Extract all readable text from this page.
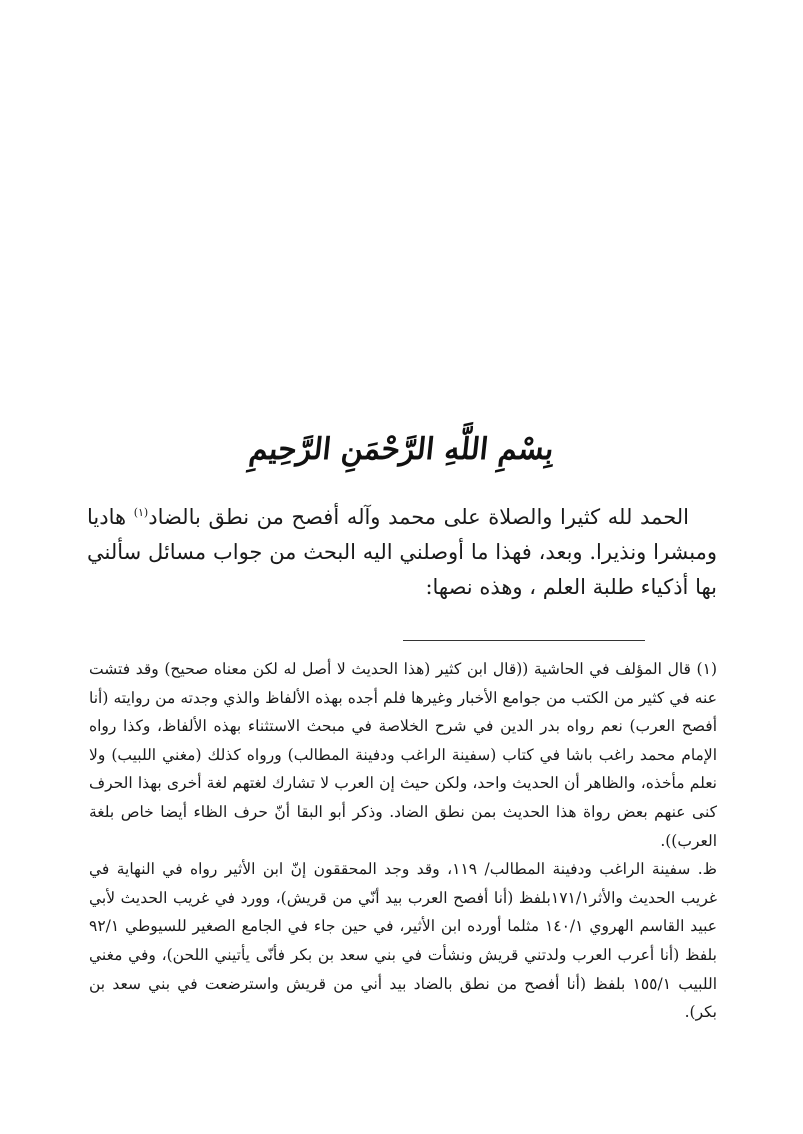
بِسْمِ اللَّهِ الرَّحْمَنِ الرَّحِيمِ

الحمد لله كثيرا والصلاة على محمد وآله أفصح من نطق بالضاد$^{(١)}$ هاديا ومبشرا ونذيرا. وبعد، فهذا ما أوصلني اليه البحث من جواب مسائل سألني بها أذكياء طلبة العلم ، وهذه نصها:

(١) قال المؤلف في الحاشية ((قال ابن كثير (هذا الحديث لا أصل له لكن معناه صحيح) وقد فتشت عنه في كثير من الكتب من جوامع الأخبار وغيرها فلم أجده بهذه الألفاظ والذي وجدته من روايته (أنا أفصح العرب) نعم رواه بدر الدين في شرح الخلاصة في مبحث الاستثناء بهذه الألفاظ، وكذا رواه الإمام محمد راغب باشا في كتاب (سفينة الراغب ودفينة المطالب) ورواه كذلك (مغني اللبيب) ولا نعلم مأخذه، والظاهر أن الحديث واحد، ولكن حيث إن العرب لا تشارك لغتهم لغة أخرى بهذا الحرف كنى عنهم بعض رواة هذا الحديث بمن نطق الضاد. وذكر أبو البقا أنّ حرف الظاء أيضا خاص بلغة العرب)).

ظ. سفينة الراغب ودفينة المطالب/ ١١٩، وقد وجد المحققون إنّ ابن الأثير رواه في النهاية في غريب الحديث والأثر١٧١/١بلفظ (أنا أفصح العرب بيد أنّي من قريش)، وورد في غريب الحديث لأبي عبيد القاسم الهروي ١٤٠/١ مثلما أورده ابن الأثير، في حين جاء في الجامع الصغير للسيوطي ٩٢/١ بلفظ (أنا أعرب العرب ولدتني قريش ونشأت في بني سعد بن بكر فأنّى يأتيني اللحن)، وفي مغني اللبيب ١٥٥/١ بلفظ (أنا أفصح من نطق بالضاد بيد أني من قريش واسترضعت في بني سعد بن بكر).
